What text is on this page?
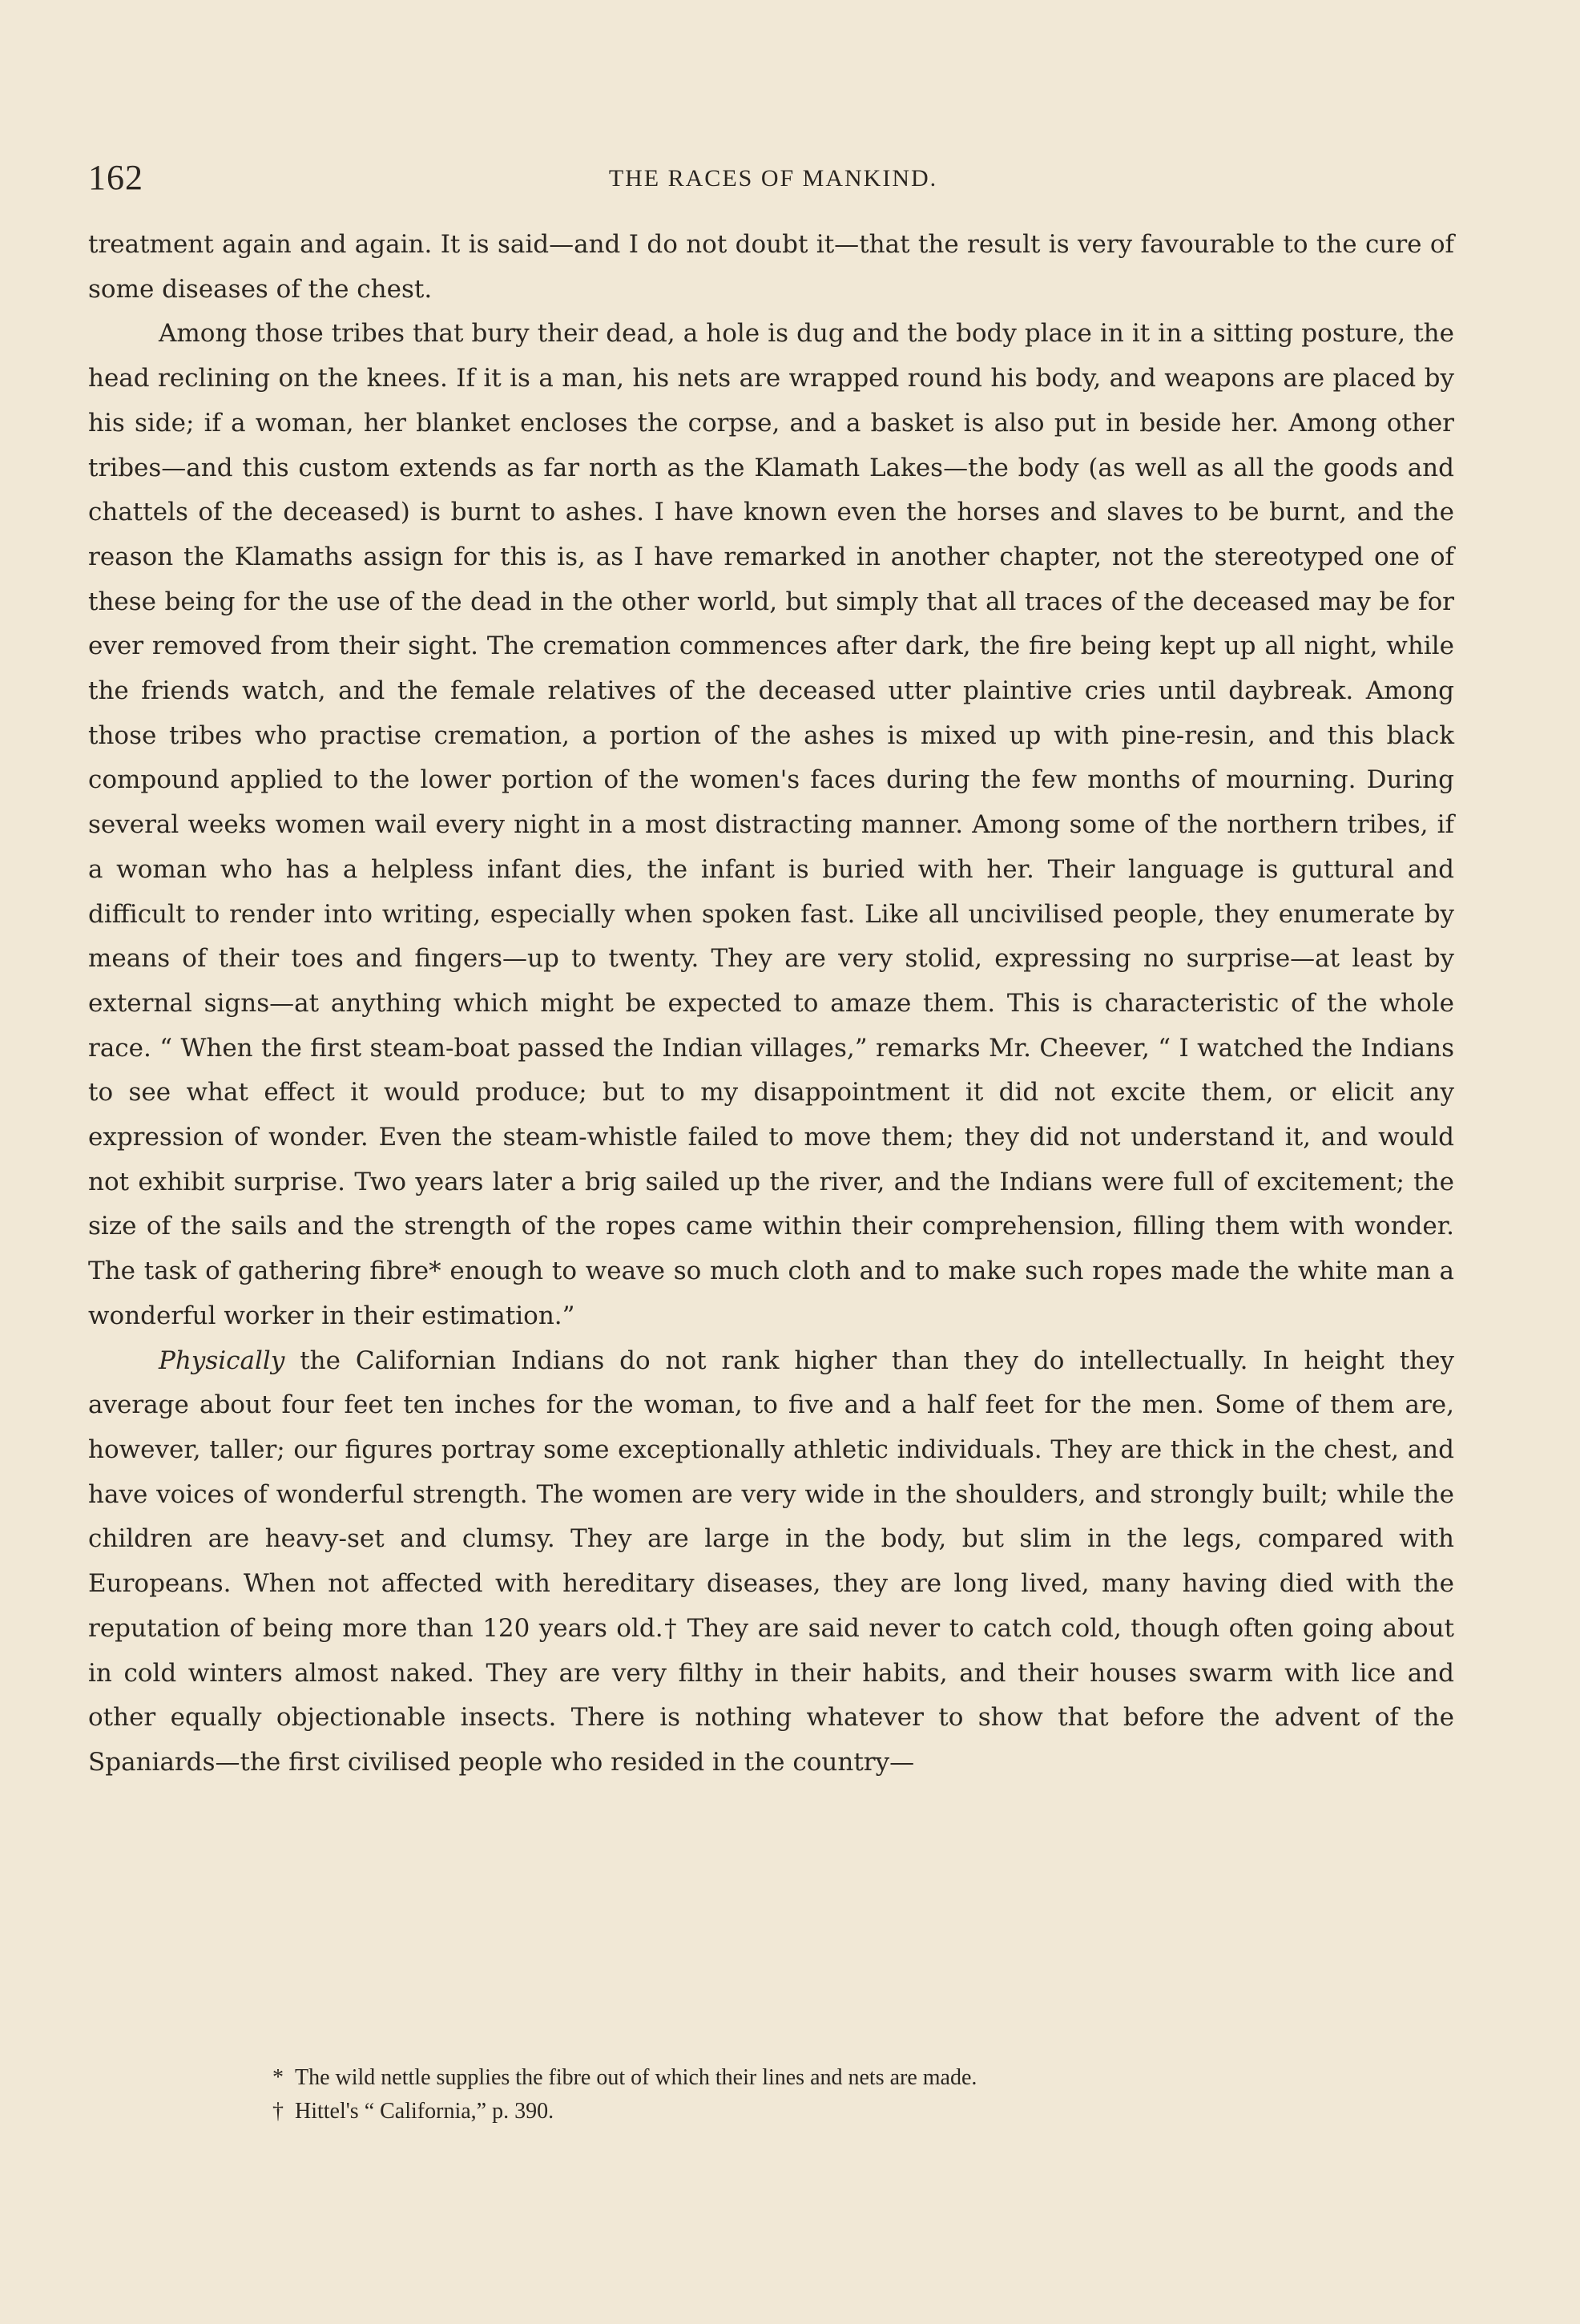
162	THE RACES OF MANKIND.

treatment again and again. It is said—and I do not doubt it—that the result is very favourable to the cure of some diseases of the chest.

Among those tribes that bury their dead, a hole is dug and the body place in it in a sitting posture, the head reclining on the knees. If it is a man, his nets are wrapped round his body, and weapons are placed by his side; if a woman, her blanket encloses the corpse, and a basket is also put in beside her. Among other tribes—and this custom extends as far north as the Klamath Lakes—the body (as well as all the goods and chattels of the deceased) is burnt to ashes. I have known even the horses and slaves to be burnt, and the reason the Klamaths assign for this is, as I have remarked in another chapter, not the stereotyped one of these being for the use of the dead in the other world, but simply that all traces of the deceased may be for ever removed from their sight. The cremation commences after dark, the fire being kept up all night, while the friends watch, and the female relatives of the deceased utter plaintive cries until daybreak. Among those tribes who practise cremation, a portion of the ashes is mixed up with pine-resin, and this black compound applied to the lower portion of the women's faces during the few months of mourning. During several weeks women wail every night in a most distracting manner. Among some of the northern tribes, if a woman who has a helpless infant dies, the infant is buried with her. Their language is guttural and difficult to render into writing, especially when spoken fast. Like all uncivilised people, they enumerate by means of their toes and fingers—up to twenty. They are very stolid, expressing no surprise—at least by external signs—at anything which might be expected to amaze them. This is characteristic of the whole race. “ When the first steam-boat passed the Indian villages,” remarks Mr. Cheever, “ I watched the Indians to see what effect it would produce; but to my disappointment it did not excite them, or elicit any expression of wonder. Even the steam-whistle failed to move them; they did not understand it, and would not exhibit surprise. Two years later a brig sailed up the river, and the Indians were full of excitement; the size of the sails and the strength of the ropes came within their comprehension, filling them with wonder. The task of gathering fibre* enough to weave so much cloth and to make such ropes made the white man a wonderful worker in their estimation.”

Physically the Californian Indians do not rank higher than they do intellectually. In height they average about four feet ten inches for the woman, to five and a half feet for the men. Some of them are, however, taller; our figures portray some exceptionally athletic individuals. They are thick in the chest, and have voices of wonderful strength. The women are very wide in the shoulders, and strongly built; while the children are heavy-set and clumsy. They are large in the body, but slim in the legs, compared with Europeans. When not affected with hereditary diseases, they are long lived, many having died with the reputation of being more than 120 years old.† They are said never to catch cold, though often going about in cold winters almost naked. They are very filthy in their habits, and their houses swarm with lice and other equally objectionable insects. There is nothing whatever to show that before the advent of the Spaniards—the first civilised people who resided in the country—

* The wild nettle supplies the fibre out of which their lines and nets are made.

† Hittel's “ California,” p. 390.
